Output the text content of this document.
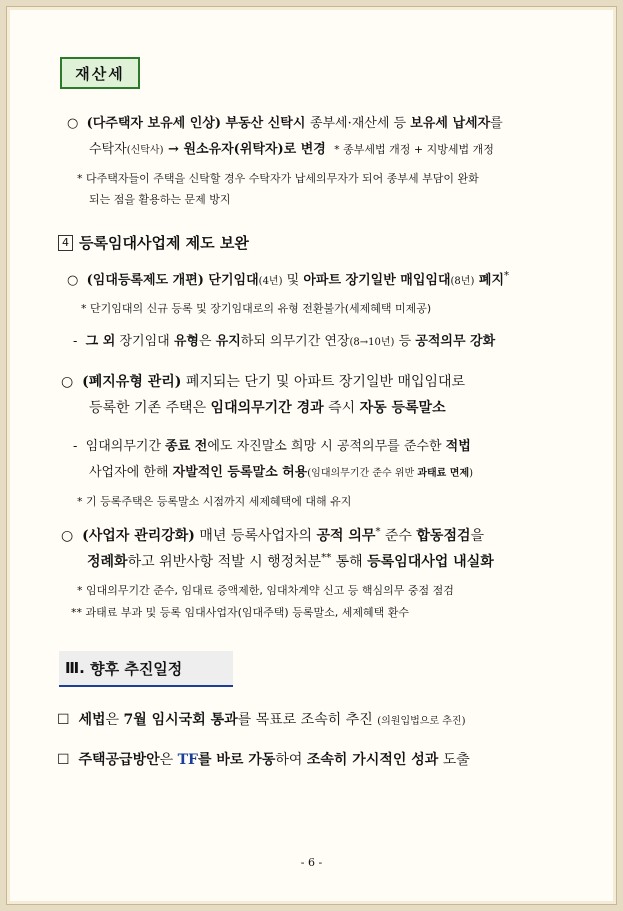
재산세
○ (다주택자 보유세 인상) 부동산 신탁시 종부세·재산세 등 보유세 납세자를
수탁자(신탁사) → 원소유자(위탁자)로 변경 * 종부세법 개정 + 지방세법 개정
* 다주택자들이 주택을 신탁할 경우 수탁자가 납세의무자가 되어 종부세 부담이 완화
되는 점을 활용하는 문제 방지
4 등록임대사업제 제도 보완
○ (임대등록제도 개편) 단기임대(4년) 및 아파트 장기일반 매입임대(8년) 폐지*
* 단기임대의 신규 등록 및 장기임대로의 유형 전환불가(세제혜택 미제공)
- 그 외 장기임대 유형은 유지하되 의무기간 연장(8→10년) 등 공적의무 강화
○ (폐지유형 관리) 폐지되는 단기 및 아파트 장기일반 매입임대로
등록한 기존 주택은 임대의무기간 경과 즉시 자동 등록말소
- 임대의무기간 종료 전에도 자진말소 희망 시 공적의무를 준수한 적법
사업자에 한해 자발적인 등록말소 허용(임대의무기간 준수 위반 과태료 면제)
* 기 등록주택은 등록말소 시점까지 세제혜택에 대해 유지
○ (사업자 관리강화) 매년 등록사업자의 공적 의무* 준수 합동점검을
정례화하고 위반사항 적발 시 행정처분** 통해 등록임대사업 내실화
* 임대의무기간 준수, 임대료 증액제한, 임대차계약 신고 등 핵심의무 중점 점검
** 과태료 부과 및 등록 임대사업자(임대주택) 등록말소, 세제혜택 환수
Ⅲ.
향후 추진일정
☐ 세법은 7월 임시국회 통과를 목표로 조속히 추진 (의원입법으로 추진)
☐ 주택공급방안은 TF를 바로 가동하여 조속히 가시적인 성과 도출
- 6 -
